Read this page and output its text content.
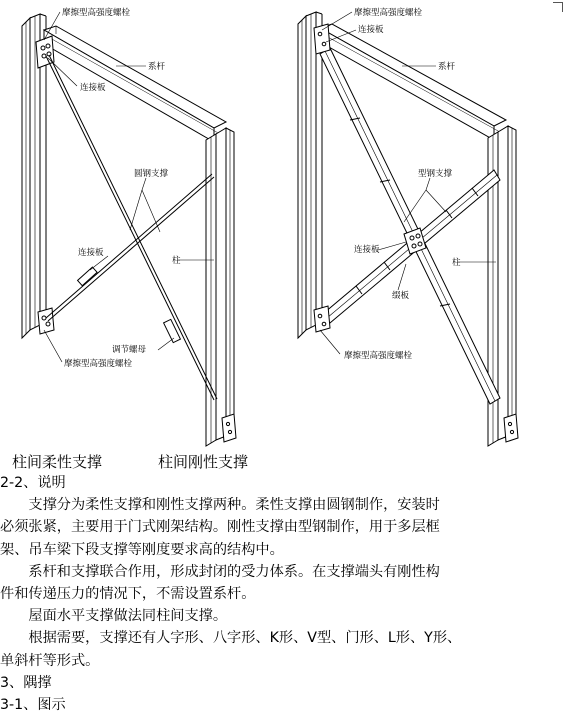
摩擦型高强度螺栓
连接板
系杆
圆钢支撑
连接板
柱
调节螺母
摩擦型高强度螺栓
摩擦型高强度螺栓
连接板
系杆
型钢支撑
连接板
柱
缀板
摩擦型高强度螺栓
柱间柔性支撑	柱间刚性支撑

2-2、说明

支撑分为柔性支撑和刚性支撑两种。柔性支撑由圆钢制作，安装时

必须张紧，主要用于门式刚架结构。刚性支撑由型钢制作，用于多层框

架、吊车梁下段支撑等刚度要求高的结构中。

系杆和支撑联合作用，形成封闭的受力体系。在支撑端头有刚性构

件和传递压力的情况下，不需设置系杆。

屋面水平支撑做法同柱间支撑。

根据需要，支撑还有人字形、八字形、K形、V型、门形、L形、Y形、

单斜杆等形式。

3、隅撑

3-1、图示
